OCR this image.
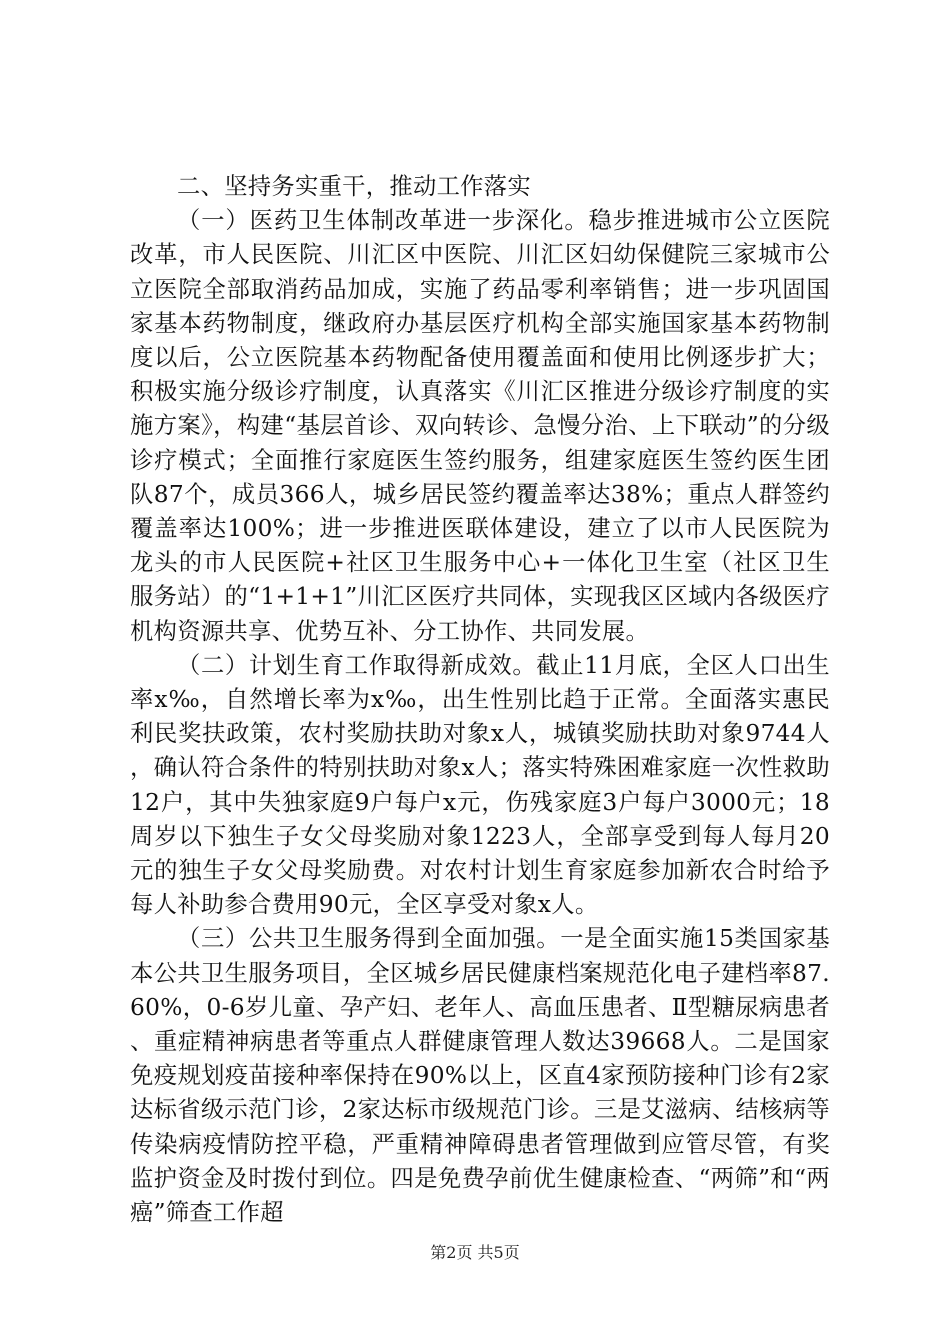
二、坚持务实重干，推动工作落实

（一）医药卫生体制改革进一步深化。稳步推进城市公立医院改革，市人民医院、川汇区中医院、川汇区妇幼保健院三家城市公立医院全部取消药品加成，实施了药品零利率销售；进一步巩固国家基本药物制度，继政府办基层医疗机构全部实施国家基本药物制度以后，公立医院基本药物配备使用覆盖面和使用比例逐步扩大；积极实施分级诊疗制度，认真落实《川汇区推进分级诊疗制度的实施方案》，构建“基层首诊、双向转诊、急慢分治、上下联动”的分级诊疗模式；全面推行家庭医生签约服务，组建家庭医生签约医生团队87个，成员366人，城乡居民签约覆盖率达38%；重点人群签约覆盖率达100%；进一步推进医联体建设，建立了以市人民医院为龙头的市人民医院+社区卫生服务中心+一体化卫生室（社区卫生服务站）的“1+1+1”川汇区医疗共同体，实现我区区域内各级医疗机构资源共享、优势互补、分工协作、共同发展。

（二）计划生育工作取得新成效。截止11月底，全区人口出生率x‰，自然增长率为x‰，出生性别比趋于正常。全面落实惠民利民奖扶政策，农村奖励扶助对象x人，城镇奖励扶助对象9744人，确认符合条件的特别扶助对象x人；落实特殊困难家庭一次性救助12户，其中失独家庭9户每户x元，伤残家庭3户每户3000元；18周岁以下独生子女父母奖励对象1223人，全部享受到每人每月20元的独生子女父母奖励费。对农村计划生育家庭参加新农合时给予每人补助参合费用90元，全区享受对象x人。

（三）公共卫生服务得到全面加强。一是全面实施15类国家基本公共卫生服务项目，全区城乡居民健康档案规范化电子建档率87.60%，0-6岁儿童、孕产妇、老年人、高血压患者、Ⅱ型糖尿病患者、重症精神病患者等重点人群健康管理人数达39668人。二是国家免疫规划疫苗接种率保持在90%以上，区直4家预防接种门诊有2家达标省级示范门诊，2家达标市级规范门诊。三是艾滋病、结核病等传染病疫情防控平稳，严重精神障碍患者管理做到应管尽管，有奖监护资金及时拨付到位。四是免费孕前优生健康检查、“两筛”和“两癌”筛查工作超

第2页 共5页
